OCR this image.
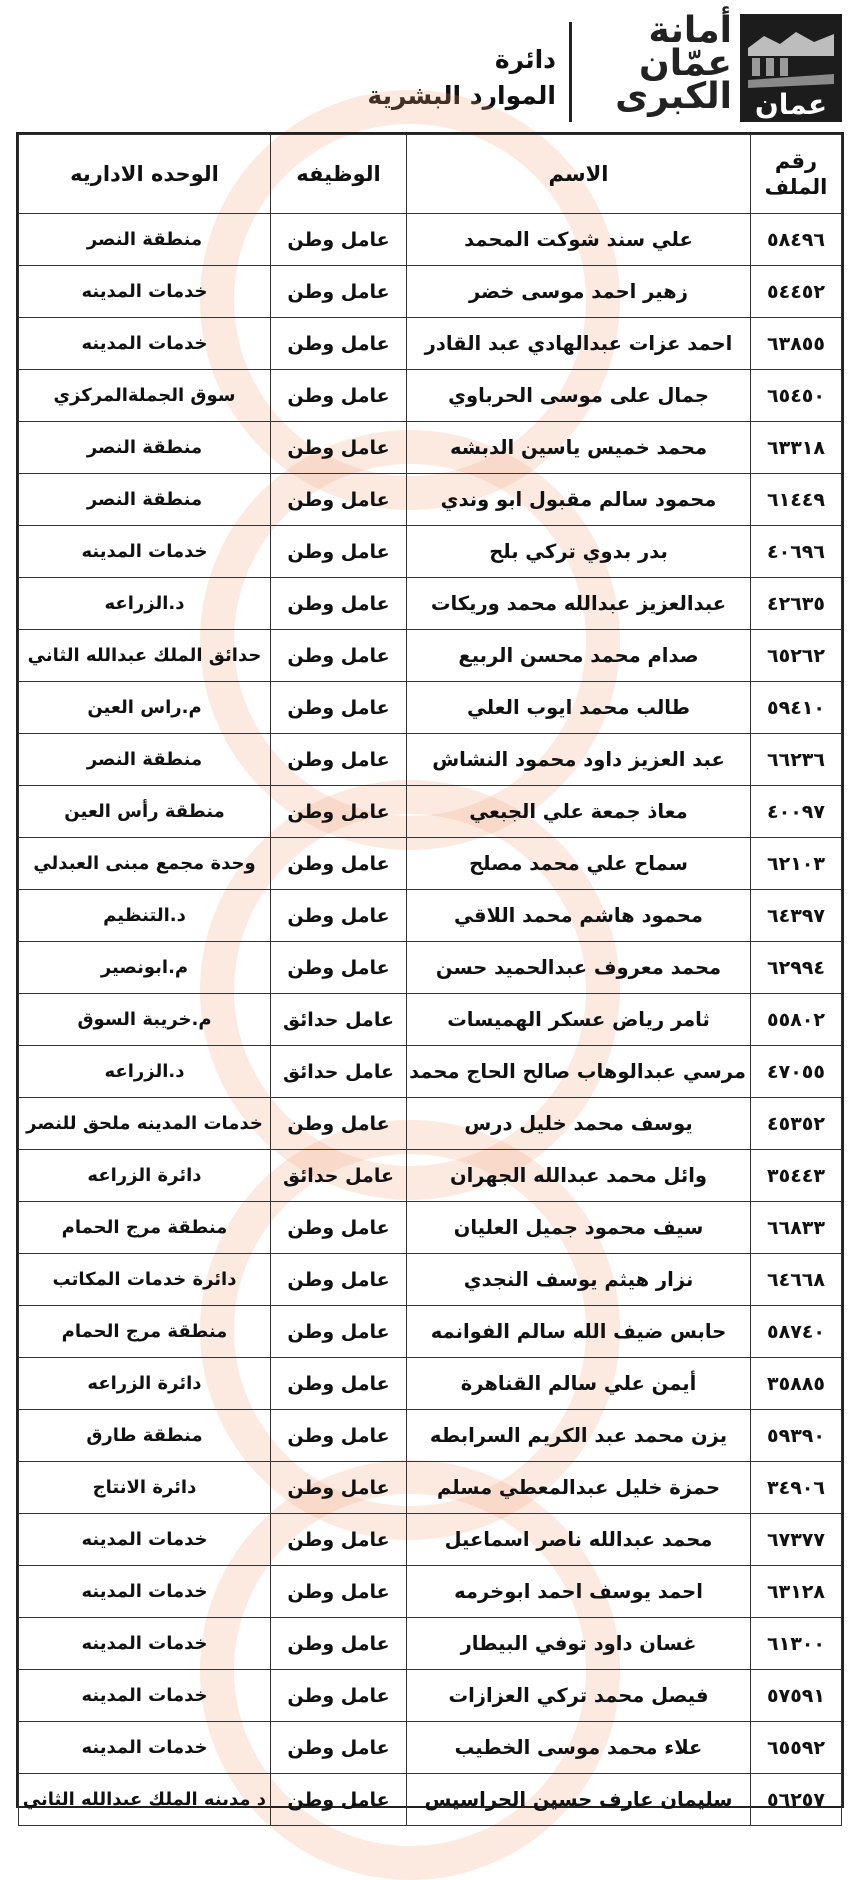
عمان
أمانة
عمّان
الكبرى
دائرة
الموارد البشرية
رقم الملف	الاسم	الوظيفه	الوحده الاداريه
٥٨٤٩٦	علي سند شوكت المحمد	عامل وطن	منطقة النصر
٥٤٤٥٢	زهير احمد موسى خضر	عامل وطن	خدمات المدينه
٦٣٨٥٥	احمد عزات عبدالهادي عبد القادر	عامل وطن	خدمات المدينه
٦٥٤٥٠	جمال على موسى الحرباوي	عامل وطن	سوق الجملةالمركزي
٦٣٣١٨	محمد خميس ياسين الدبشه	عامل وطن	منطقة النصر
٦١٤٤٩	محمود سالم مقبول ابو وندي	عامل وطن	منطقة النصر
٤٠٦٩٦	بدر بدوي تركي بلح	عامل وطن	خدمات المدينه
٤٢٦٣٥	عبدالعزيز عبدالله محمد وريكات	عامل وطن	د.الزراعه
٦٥٢٦٢	صدام محمد محسن الربيع	عامل وطن	حدائق الملك عبدالله الثاني
٥٩٤١٠	طالب محمد ايوب العلي	عامل وطن	م.راس العين
٦٦٢٣٦	عبد العزيز داود محمود النشاش	عامل وطن	منطقة النصر
٤٠٠٩٧	معاذ جمعة علي الجبعي	عامل وطن	منطقة رأس العين
٦٢١٠٣	سماح علي محمد مصلح	عامل وطن	وحدة مجمع مبنى العبدلي
٦٤٣٩٧	محمود هاشم محمد اللاقي	عامل وطن	د.التنظيم
٦٢٩٩٤	محمد معروف عبدالحميد حسن	عامل وطن	م.ابونصير
٥٥٨٠٢	ثامر رياض عسكر الهميسات	عامل حدائق	م.خريبة السوق
٤٧٠٥٥	مرسي عبدالوهاب صالح الحاج محمد	عامل حدائق	د.الزراعه
٤٥٣٥٢	يوسف محمد خليل درس	عامل وطن	خدمات المدينه ملحق للنصر
٣٥٤٤٣	وائل محمد عبدالله الجهران	عامل حدائق	دائرة الزراعه
٦٦٨٣٣	سيف محمود جميل العليان	عامل وطن	منطقة مرج الحمام
٦٤٦٦٨	نزار هيثم يوسف النجدي	عامل وطن	دائرة خدمات المكاتب
٥٨٧٤٠	حابس ضيف الله سالم الفوانمه	عامل وطن	منطقة مرج الحمام
٣٥٨٨٥	أيمن علي سالم القناهرة	عامل وطن	دائرة الزراعه
٥٩٣٩٠	يزن محمد عبد الكريم السرابطه	عامل وطن	منطقة طارق
٣٤٩٠٦	حمزة خليل عبدالمعطي مسلم	عامل وطن	دائرة الانتاج
٦٧٣٧٧	محمد عبدالله ناصر اسماعيل	عامل وطن	خدمات المدينه
٦٣١٢٨	احمد يوسف احمد ابوخرمه	عامل وطن	خدمات المدينه
٦١٣٠٠	غسان داود توفي البيطار	عامل وطن	خدمات المدينه
٥٧٥٩١	فيصل محمد تركي العزازات	عامل وطن	خدمات المدينه
٦٥٥٩٢	علاء محمد موسى الخطيب	عامل وطن	خدمات المدينه
٥٦٢٥٧	سليمان عارف حسين الحراسيس	عامل وطن	د مدينه الملك عبدالله الثاني
